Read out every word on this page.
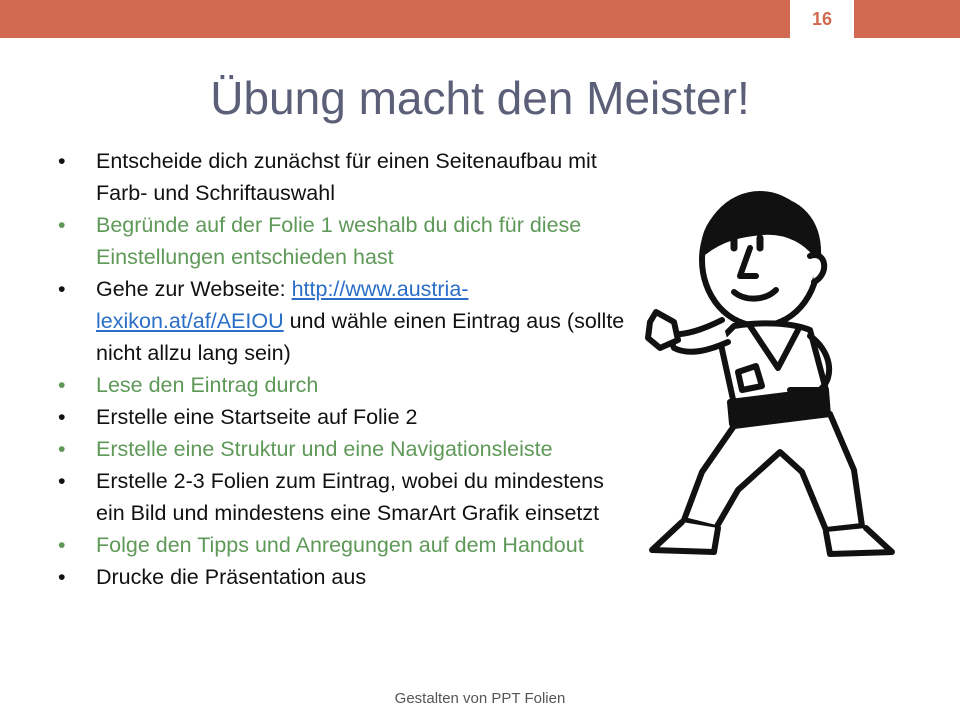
16
Übung macht den Meister!
• Entscheide dich zunächst für einen Seitenaufbau mit Farb- und Schriftauswahl
• Begründe auf der Folie 1 weshalb du dich für diese Einstellungen entschieden hast
• Gehe zur Webseite: http://www.austria-lexikon.at/af/AEIOU und wähle einen Eintrag aus (sollte nicht allzu lang sein)
• Lese den Eintrag durch
• Erstelle eine Startseite auf Folie 2
• Erstelle eine Struktur und eine Navigationsleiste
• Erstelle 2-3 Folien zum Eintrag, wobei du mindestens ein Bild und mindestens eine SmarArt Grafik einsetzt
• Folge den Tipps und Anregungen auf dem Handout
• Drucke die Präsentation aus
Gestalten von PPT Folien
